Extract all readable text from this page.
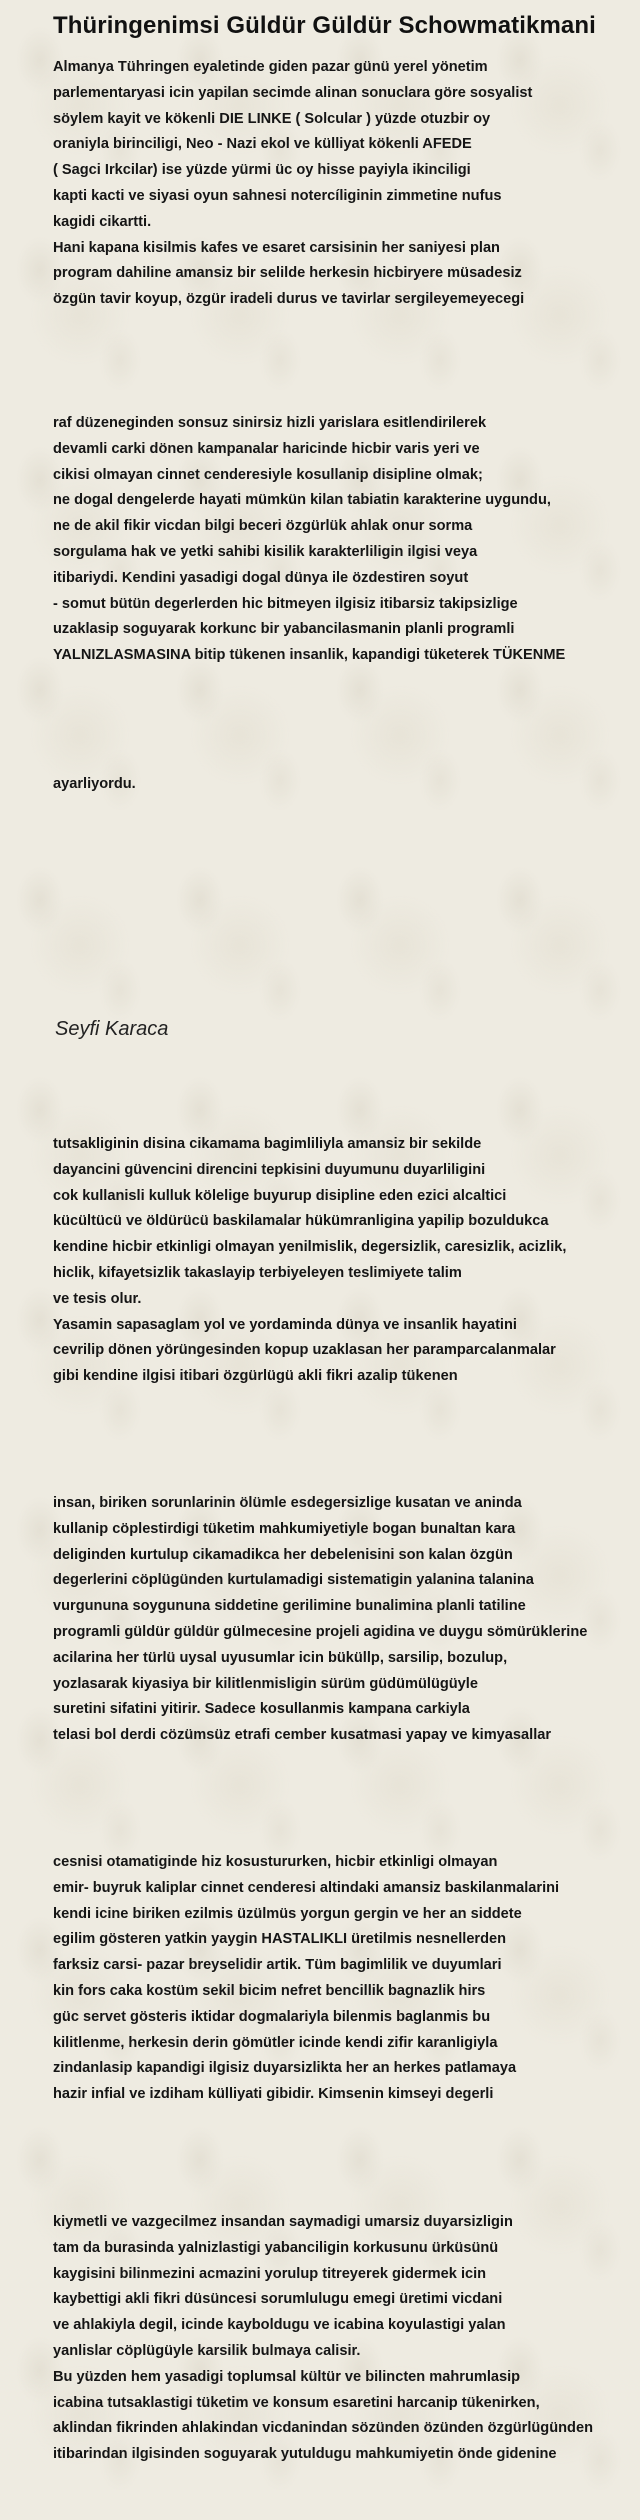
Thüringenimsi Güldür Güldür Schowmatikmani
Almanya Tühringen eyaletinde giden pazar günü yerel yönetim
parlementaryasi icin yapilan secimde alinan sonuclara göre sosyalist
söylem kayit ve kökenli DIE LINKE ( Solcular ) yüzde otuzbir oy
oraniyla birinciligi, Neo - Nazi ekol ve külliyat kökenli AFEDE
( Sagci Irkcilar) ise yüzde yürmi üc oy hisse payiyla ikinciligi
kapti kacti ve siyasi oyun sahnesi notercíliginin zimmetine nufus
kagidi cikartti.
Hani kapana kisilmis kafes ve esaret carsisinin her saniyesi plan
program dahiline amansiz bir selilde herkesin hicbiryere müsadesiz
özgün tavir koyup, özgür iradeli durus ve tavirlar sergileyemeyecegi
raf düzeneginden sonsuz sinirsiz hizli yarislara esitlendirilerek
devamli carki dönen kampanalar haricinde hicbir varis yeri ve
cikisi olmayan cinnet cenderesiyle kosullanip disipline olmak;
ne dogal dengelerde hayati mümkün kilan tabiatin karakterine uygundu,
ne de akil fikir vicdan bilgi beceri özgürlük ahlak onur sorma
sorgulama hak ve yetki sahibi kisilik karakterliligin ilgisi veya
itibariydi. Kendini yasadigi dogal dünya ile özdestiren soyut
- somut bütün degerlerden hic bitmeyen ilgisiz itibarsiz takipsizlige
uzaklasip soguyarak korkunc bir yabancilasmanin planli programli
YALNIZLASMASINA bitip tükenen insanlik, kapandigi tüketerek TÜKENME
ayarliyordu.
Seyfi Karaca
tutsakliginin disina cikamama bagimliliyla amansiz bir sekilde
dayancini güvencini direncini tepkisini duyumunu duyarliligini
cok kullanisli kulluk kölelige buyurup disipline eden ezici alcaltici
kücültücü ve öldürücü baskilamalar hükümranligina yapilip bozuldukca
kendine hicbir etkinligi olmayan yenilmislik, degersizlik, caresizlik, acizlik,
hiclik, kifayetsizlik takaslayip terbiyeleyen teslimiyete talim
ve tesis olur.
Yasamin sapasaglam yol ve yordaminda dünya ve insanlik hayatini
cevrilip dönen yörüngesinden kopup uzaklasan her paramparcalanmalar
gibi kendine ilgisi itibari özgürlügü akli fikri azalip tükenen
insan, biriken sorunlarinin ölümle esdegersizlige kusatan ve aninda
kullanip cöplestirdigi tüketim mahkumiyetiyle bogan bunaltan kara
deliginden kurtulup cikamadikca her debelenisini son kalan özgün
degerlerini cöplügünden kurtulamadigi sistematigin yalanina talanina
vurgununa soygununa siddetine gerilimine bunalimina planli tatiline
programli güldür güldür gülmecesine projeli agidina ve duygu sömürüklerine
acilarina her türlü uysal uyusumlar icin büküllp, sarsilip, bozulup,
yozlasarak kiyasiya bir kilitlenmisligin sürüm güdümülügüyle
suretini sifatini yitirir. Sadece kosullanmis kampana carkiyla
telasi bol derdi cözümsüz etrafi cember kusatmasi yapay ve kimyasallar
cesnisi otamatiginde hiz kosustururken, hicbir etkinligi olmayan
emir- buyruk kaliplar cinnet cenderesi altindaki amansiz baskilanmalarini
kendi icine biriken ezilmis üzülmüs yorgun gergin ve her an siddete
egilim gösteren yatkin yaygin HASTALIKLI üretilmis nesnellerden
farksiz carsi- pazar breyselidir artik. Tüm bagimlilik ve duyumlari
kin fors caka kostüm sekil bicim nefret bencillik bagnazlik hirs
güc servet gösteris iktidar dogmalariyla bilenmis baglanmis bu
kilitlenme, herkesin derin gömütler icinde kendi zifir karanligiyla
zindanlasip kapandigi ilgisiz duyarsizlikta her an herkes patlamaya
hazir infial ve izdiham külliyati gibidir. Kimsenin kimseyi degerli
kiymetli ve vazgecilmez insandan saymadigi umarsiz duyarsizligin
tam da burasinda yalnizlastigi yabanciligin korkusunu ürküsünü
kaygisini bilinmezini acmazini yorulup titreyerek gidermek icin
kaybettigi akli fikri düsüncesi sorumlulugu emegi üretimi vicdani
ve ahlakiyla degil, icinde kayboldugu ve icabina koyulastigi yalan
yanlislar cöplügüyle karsilik bulmaya calisir.
Bu yüzden hem yasadigi toplumsal kültür ve bilincten mahrumlasip
icabina tutsaklastigi tüketim ve konsum esaretini harcanip tükenirken,
aklindan fikrinden ahlakindan vicdanindan sözünden özünden özgürlügünden
itibarindan ilgisinden soguyarak yutuldugu mahkumiyetin önde gidenine
